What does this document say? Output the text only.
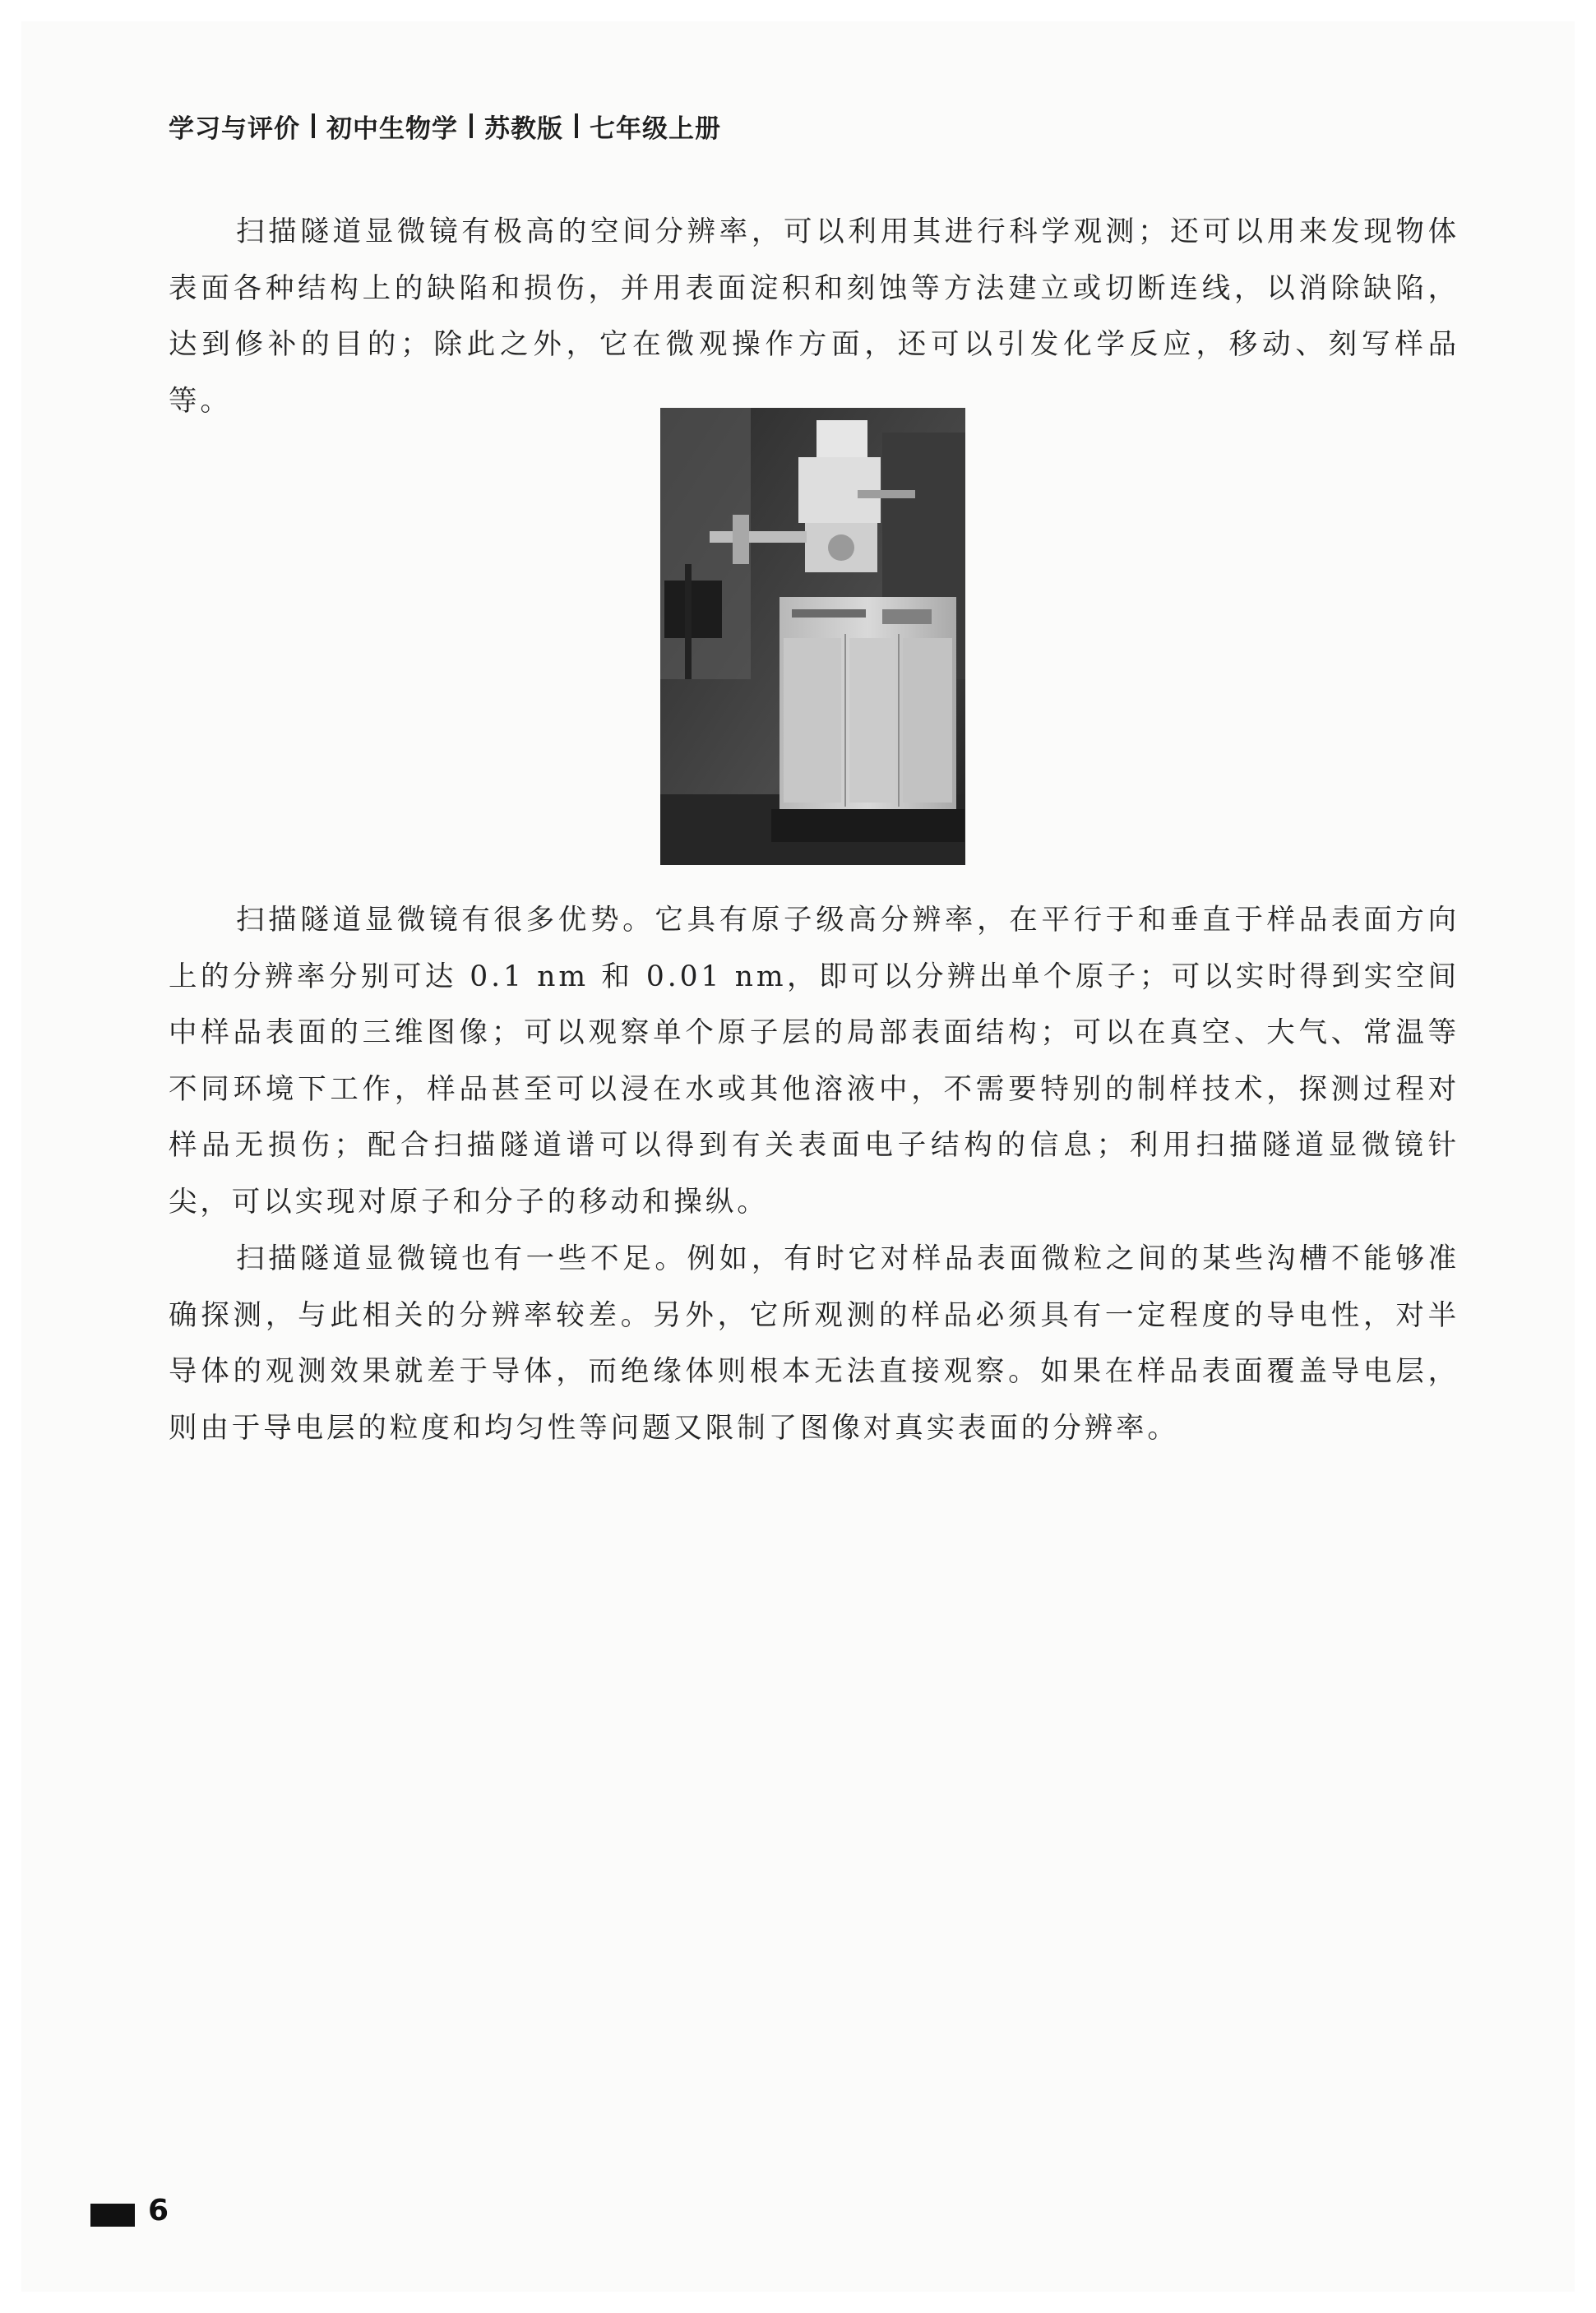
学习与评价 初中生物学 苏教版 七年级上册

扫描隧道显微镜有极高的空间分辨率，可以利用其进行科学观测；还可以用来发现物体表面各种结构上的缺陷和损伤，并用表面淀积和刻蚀等方法建立或切断连线，以消除缺陷，达到修补的目的；除此之外，它在微观操作方面，还可以引发化学反应，移动、刻写样品等。

扫描隧道显微镜有很多优势。它具有原子级高分辨率，在平行于和垂直于样品表面方向上的分辨率分别可达 0.1 nm 和 0.01 nm，即可以分辨出单个原子；可以实时得到实空间中样品表面的三维图像；可以观察单个原子层的局部表面结构；可以在真空、大气、常温等不同环境下工作，样品甚至可以浸在水或其他溶液中，不需要特别的制样技术，探测过程对样品无损伤；配合扫描隧道谱可以得到有关表面电子结构的信息；利用扫描隧道显微镜针尖，可以实现对原子和分子的移动和操纵。

扫描隧道显微镜也有一些不足。例如，有时它对样品表面微粒之间的某些沟槽不能够准确探测，与此相关的分辨率较差。另外，它所观测的样品必须具有一定程度的导电性，对半导体的观测效果就差于导体，而绝缘体则根本无法直接观察。如果在样品表面覆盖导电层，则由于导电层的粒度和均匀性等问题又限制了图像对真实表面的分辨率。

6
